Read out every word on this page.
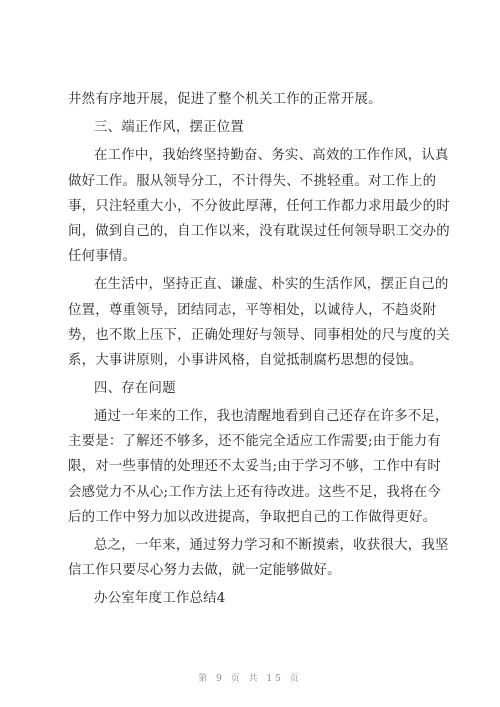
井然有序地开展，促进了整个机关工作的正常开展。
三、端正作风，摆正位置
在工作中，我始终坚持勤奋、务实、高效的工作作风，认真
做好工作。服从领导分工，不计得失、不挑轻重。对工作上的
事，只注轻重大小，不分彼此厚薄，任何工作都力求用最少的时
间，做到自己的，自工作以来，没有耽误过任何领导职工交办的
任何事情。
在生活中，坚持正直、谦虚、朴实的生活作风，摆正自己的
位置，尊重领导，团结同志，平等相处，以诚待人，不趋炎附
势，也不欺上压下，正确处理好与领导、同事相处的尺与度的关
系，大事讲原则，小事讲风格，自觉抵制腐朽思想的侵蚀。
四、存在问题
通过一年来的工作，我也清醒地看到自己还存在许多不足，
主要是：了解还不够多，还不能完全适应工作需要;由于能力有
限，对一些事情的处理还不太妥当;由于学习不够，工作中有时
会感觉力不从心;工作方法上还有待改进。这些不足，我将在今
后的工作中努力加以改进提高，争取把自己的工作做得更好。
总之，一年来，通过努力学习和不断摸索，收获很大，我坚
信工作只要尽心努力去做，就一定能够做好。
办公室年度工作总结4
第 9 页 共 15 页
